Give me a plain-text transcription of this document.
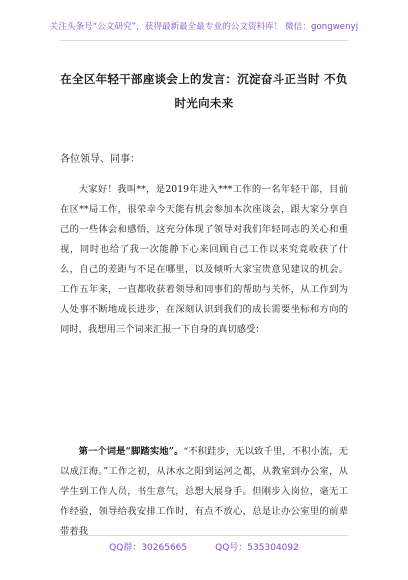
关注头条号“公文研究”，获得最新最全最专业的公文资料库！ 微信：gongwenyj
在全区年轻干部座谈会上的发言：沉淀奋斗正当时 不负时光向未来
各位领导、同事：

大家好！我叫**，是2019年进入***工作的一名年轻干部，目前在区**局工作，很荣幸今天能有机会参加本次座谈会，跟大家分享自己的一些体会和感悟，这充分体现了领导对我们年轻同志的关心和重视，同时也给了我一次能静下心来回顾自己工作以来究竟收获了什么，自己的差距与不足在哪里，以及倾听大家宝贵意见建议的机会。工作五年来，一直都收获着领导和同事们的帮助与关怀，从工作到为人处事不断地成长进步，在深刻认识到我们的成长需要坐标和方向的同时，我想用三个词来汇报一下自身的真切感受：

第一个词是“脚踏实地”。“不积跬步，无以致千里，不积小流，无以成江海。”工作之初，从沐水之阳到运河之都，从教室到办公室，从学生到工作人员，书生意气，总想大展身手。但刚步入岗位，毫无工作经验，领导给我安排工作时，有点不放心，总是让办公室里的前辈带着我

QQ群：30265665	QQ号：535304092
